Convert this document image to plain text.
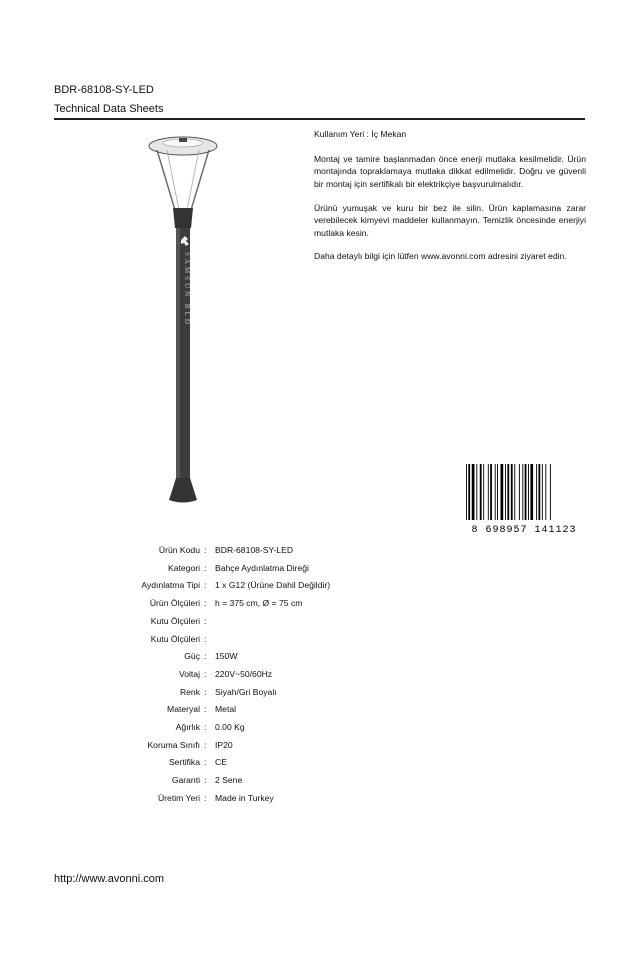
BDR-68108-SY-LED
Technical Data Sheets
SAMSUN BLD
Kullanım Yeri : İç Mekan
Montaj ve tamire başlanmadan önce enerji mutlaka kesilmelidir. Ürün montajında topraklamaya mutlaka dikkat edilmelidir. Doğru ve güvenli bir montaj için sertifikalı bir elektrikçiye başvurulmalıdır.
Ürünü yumuşak ve kuru bir bez ile silin. Ürün kaplamasına zarar verebilecek kimyevi maddeler kullanmayın. Temizlik öncesinde enerjiyi mutlaka kesin.
Daha detaylı bilgi için lütfen www.avonni.com adresini ziyaret edin.
8 698957 141123
Ürün Kodu : BDR-68108-SY-LED
Kategori : Bahçe Aydınlatma Direği
Aydınlatma Tipi : 1 x G12 (Ürüne Dahil Değildir)
Ürün Ölçüleri : h = 375 cm, Ø = 75 cm
Kutu Ölçüleri :
Kutu Ölçüleri :
Güç : 150W
Voltaj : 220V~50/60Hz
Renk : Siyah/Gri Boyalı
Materyal : Metal
Ağırlık : 0.00 Kg
Koruma Sınıfı : IP20
Sertifika : CE
Garanti : 2 Sene
Üretim Yeri : Made in Turkey
http://www.avonni.com
